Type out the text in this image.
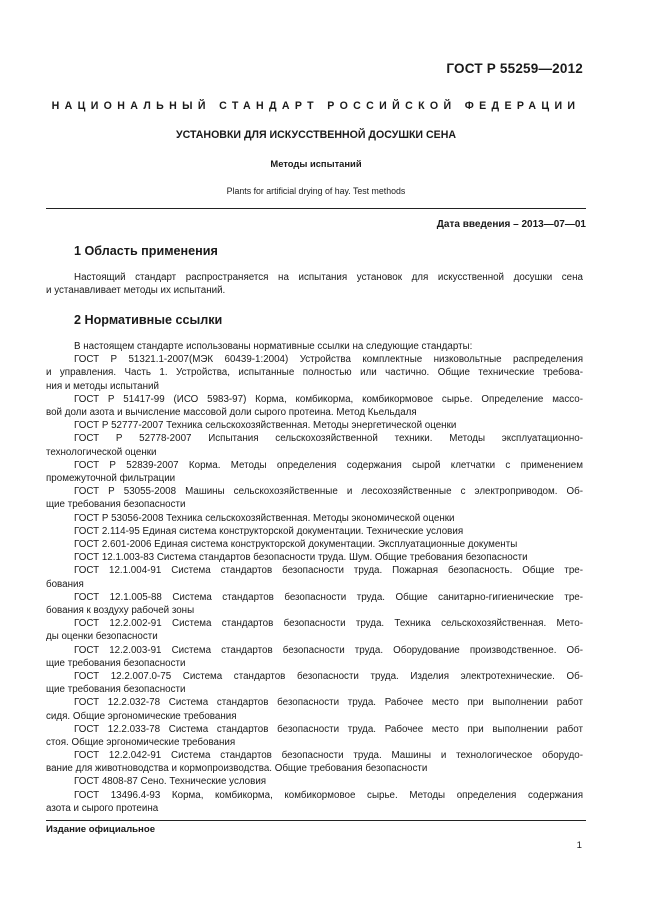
ГОСТ Р 55259—2012
НАЦИОНАЛЬНЫЙ СТАНДАРТ РОССИЙСКОЙ ФЕДЕРАЦИИ
УСТАНОВКИ ДЛЯ ИСКУССТВЕННОЙ ДОСУШКИ СЕНА
Методы испытаний
Plants for artificial drying of hay. Test methods
Дата введения – 2013—07—01
1 Область применения
Настоящий стандарт распространяется на испытания установок для искусственной досушки сена
и устанавливает методы их испытаний.
2 Нормативные ссылки
В настоящем стандарте использованы нормативные ссылки на следующие стандарты:
ГОСТ Р 51321.1-2007(МЭК 60439-1:2004) Устройства комплектные низковольтные распределения
и управления. Часть 1. Устройства, испытанные полностью или частично. Общие технические требова-
ния и методы испытаний
ГОСТ Р 51417-99 (ИСО 5983-97) Корма, комбикорма, комбикормовое сырье. Определение массо-
вой доли азота и вычисление массовой доли сырого протеина. Метод Кьельдаля
ГОСТ Р 52777-2007 Техника сельскохозяйственная. Методы энергетической оценки
ГОСТ Р 52778-2007 Испытания сельскохозяйственной техники. Методы эксплуатационно-
технологической оценки
ГОСТ Р 52839-2007 Корма. Методы определения содержания сырой клетчатки с применением
промежуточной фильтрации
ГОСТ Р 53055-2008 Машины сельскохозяйственные и лесохозяйственные с электроприводом. Об-
щие требования безопасности
ГОСТ Р 53056-2008 Техника сельскохозяйственная. Методы экономической оценки
ГОСТ 2.114-95 Единая система конструкторской документации. Технические условия
ГОСТ 2.601-2006 Единая система конструкторской документации. Эксплуатационные документы
ГОСТ 12.1.003-83 Система стандартов безопасности труда. Шум. Общие требования безопасности
ГОСТ 12.1.004-91 Система стандартов безопасности труда. Пожарная безопасность. Общие тре-
бования
ГОСТ 12.1.005-88 Система стандартов безопасности труда. Общие санитарно-гигиенические тре-
бования к воздуху рабочей зоны
ГОСТ 12.2.002-91 Система стандартов безопасности труда. Техника сельскохозяйственная. Мето-
ды оценки безопасности
ГОСТ 12.2.003-91 Система стандартов безопасности труда. Оборудование производственное. Об-
щие требования безопасности
ГОСТ 12.2.007.0-75 Система стандартов безопасности труда. Изделия электротехнические. Об-
щие требования безопасности
ГОСТ 12.2.032-78 Система стандартов безопасности труда. Рабочее место при выполнении работ
сидя. Общие эргономические требования
ГОСТ 12.2.033-78 Система стандартов безопасности труда. Рабочее место при выполнении работ
стоя. Общие эргономические требования
ГОСТ 12.2.042-91 Система стандартов безопасности труда. Машины и технологическое оборудо-
вание для животноводства и кормопроизводства. Общие требования безопасности
ГОСТ 4808-87 Сено. Технические условия
ГОСТ 13496.4-93 Корма, комбикорма, комбикормовое сырье. Методы определения содержания
азота и сырого протеина
Издание официальное
1
